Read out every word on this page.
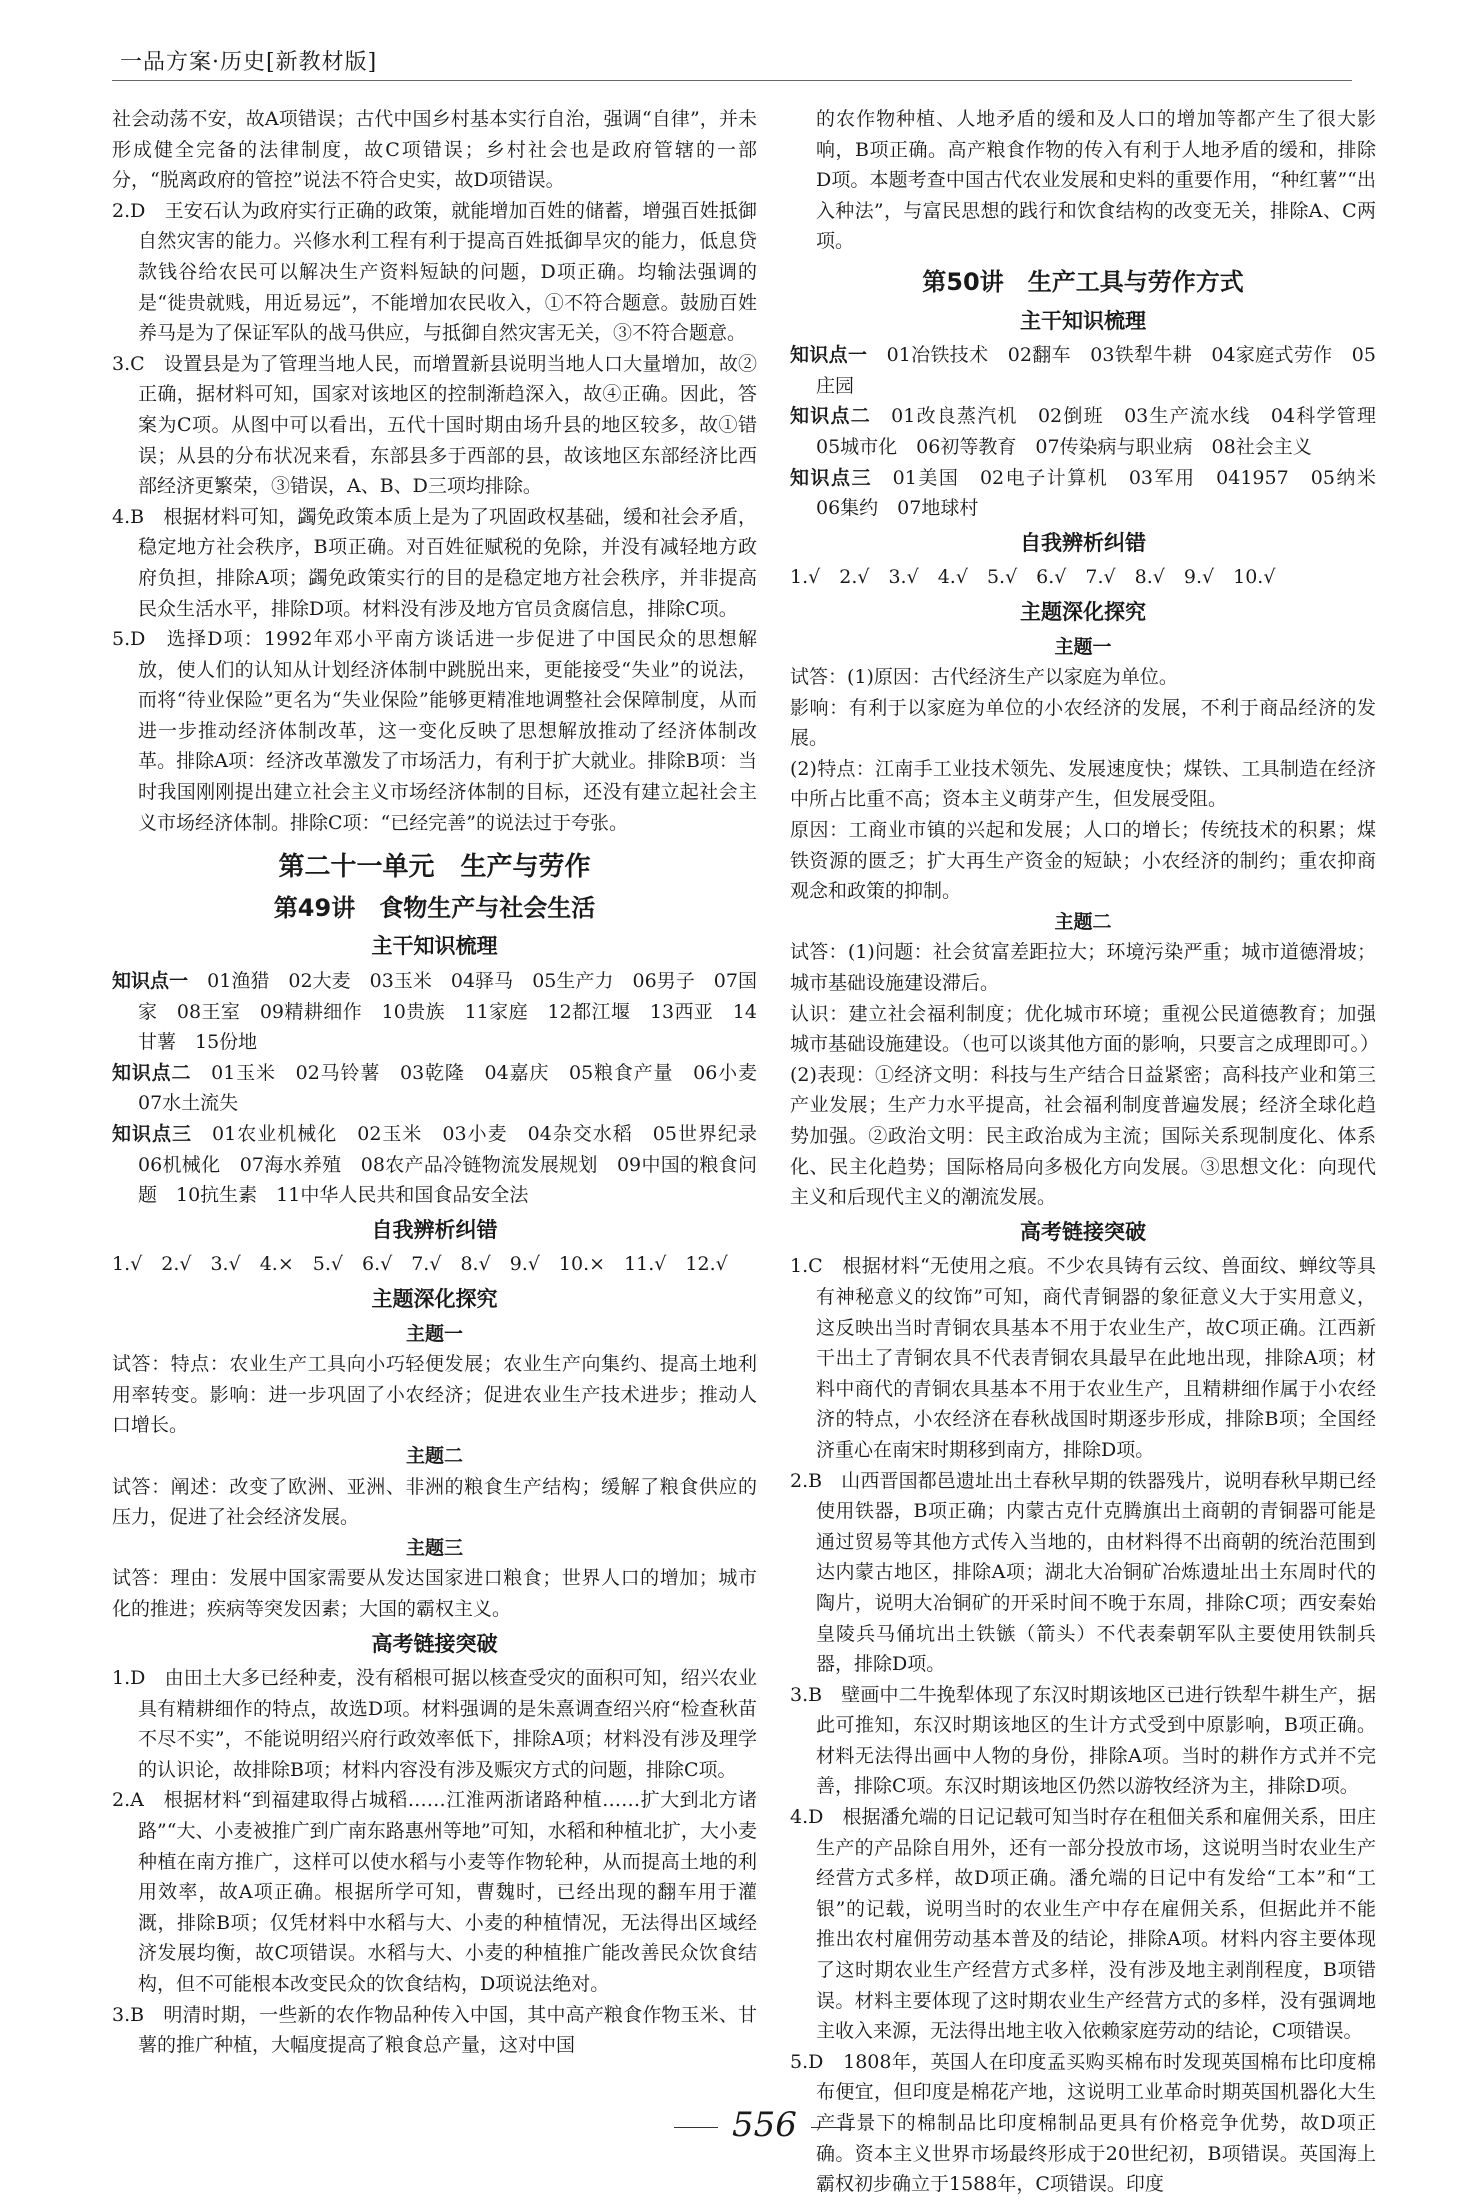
一品方案·历史[新教材版]

社会动荡不安，故A项错误；古代中国乡村基本实行自治，强调“自律”，并未形成健全完备的法律制度，故C项错误；乡村社会也是政府管辖的一部分，“脱离政府的管控”说法不符合史实，故D项错误。

2.D　王安石认为政府实行正确的政策，就能增加百姓的储蓄，增强百姓抵御自然灾害的能力。兴修水利工程有利于提高百姓抵御旱灾的能力，低息贷款钱谷给农民可以解决生产资料短缺的问题，D项正确。均输法强调的是“徙贵就贱，用近易远”，不能增加农民收入，①不符合题意。鼓励百姓养马是为了保证军队的战马供应，与抵御自然灾害无关，③不符合题意。

3.C　设置县是为了管理当地人民，而增置新县说明当地人口大量增加，故②正确，据材料可知，国家对该地区的控制渐趋深入，故④正确。因此，答案为C项。从图中可以看出，五代十国时期由场升县的地区较多，故①错误；从县的分布状况来看，东部县多于西部的县，故该地区东部经济比西部经济更繁荣，③错误，A、B、D三项均排除。

4.B　根据材料可知，蠲免政策本质上是为了巩固政权基础，缓和社会矛盾，稳定地方社会秩序，B项正确。对百姓征赋税的免除，并没有减轻地方政府负担，排除A项；蠲免政策实行的目的是稳定地方社会秩序，并非提高民众生活水平，排除D项。材料没有涉及地方官员贪腐信息，排除C项。

5.D　选择D项：1992年邓小平南方谈话进一步促进了中国民众的思想解放，使人们的认知从计划经济体制中跳脱出来，更能接受“失业”的说法，而将“待业保险”更名为“失业保险”能够更精准地调整社会保障制度，从而进一步推动经济体制改革，这一变化反映了思想解放推动了经济体制改革。排除A项：经济改革激发了市场活力，有利于扩大就业。排除B项：当时我国刚刚提出建立社会主义市场经济体制的目标，还没有建立起社会主义市场经济体制。排除C项：“已经完善”的说法过于夸张。

第二十一单元　生产与劳作
第49讲　食物生产与社会生活
主干知识梳理

知识点一　 01渔猎　02大麦　03玉米　04驿马　05生产力　06男子　07国家　08王室　09精耕细作　10贵族　11家庭　12都江堰　13西亚　14甘薯　15份地

知识点二　 01玉米　02马铃薯　03乾隆　04嘉庆　05粮食产量　06小麦　07水土流失

知识点三　 01农业机械化　02玉米　03小麦　04杂交水稻　05世界纪录　06机械化　07海水养殖　08农产品冷链物流发展规划　09中国的粮食问题　10抗生素　11中华人民共和国食品安全法

自我辨析纠错

1.√　2.√　3.√　4.×　5.√　6.√　7.√　8.√　9.√　10.×　11.√　12.√

主题深化探究
主题一

试答：特点：农业生产工具向小巧轻便发展；农业生产向集约、提高土地利用率转变。影响：进一步巩固了小农经济；促进农业生产技术进步；推动人口增长。

主题二

试答：阐述：改变了欧洲、亚洲、非洲的粮食生产结构；缓解了粮食供应的压力，促进了社会经济发展。

主题三

试答：理由：发展中国家需要从发达国家进口粮食；世界人口的增加；城市化的推进；疾病等突发因素；大国的霸权主义。

高考链接突破

1.D　由田土大多已经种麦，没有稻根可据以核查受灾的面积可知，绍兴农业具有精耕细作的特点，故选D项。材料强调的是朱熹调查绍兴府“检查秋苗不尽不实”，不能说明绍兴府行政效率低下，排除A项；材料没有涉及理学的认识论，故排除B项；材料内容没有涉及赈灾方式的问题，排除C项。

2.A　根据材料“到福建取得占城稻……江淮两浙诸路种植……扩大到北方诸路”“大、小麦被推广到广南东路惠州等地”可知，水稻和种植北扩，大小麦种植在南方推广，这样可以使水稻与小麦等作物轮种，从而提高土地的利用效率，故A项正确。根据所学可知，曹魏时，已经出现的翻车用于灌溉，排除B项；仅凭材料中水稻与大、小麦的种植情况，无法得出区域经济发展均衡，故C项错误。水稻与大、小麦的种植推广能改善民众饮食结构，但不可能根本改变民众的饮食结构，D项说法绝对。

3.B　明清时期，一些新的农作物品种传入中国，其中高产粮食作物玉米、甘薯的推广种植，大幅度提高了粮食总产量，这对中国

的农作物种植、人地矛盾的缓和及人口的增加等都产生了很大影响，B项正确。高产粮食作物的传入有利于人地矛盾的缓和，排除D项。本题考查中国古代农业发展和史料的重要作用，“种红薯”“出入种法”，与富民思想的践行和饮食结构的改变无关，排除A、C两项。

第50讲　生产工具与劳作方式
主干知识梳理

知识点一　 01冶铁技术　02翻车　03铁犁牛耕　04家庭式劳作　05庄园

知识点二　 01改良蒸汽机　02倒班　03生产流水线　04科学管理　05城市化　06初等教育　07传染病与职业病　08社会主义

知识点三　 01美国　02电子计算机　03军用　041957　05纳米　06集约　07地球村

自我辨析纠错

1.√　2.√　3.√　4.√　5.√　6.√　7.√　8.√　9.√　10.√

主题深化探究
主题一

试答：(1)原因：古代经济生产以家庭为单位。

影响：有利于以家庭为单位的小农经济的发展，不利于商品经济的发展。

(2)特点：江南手工业技术领先、发展速度快；煤铁、工具制造在经济中所占比重不高；资本主义萌芽产生，但发展受阻。

原因：工商业市镇的兴起和发展；人口的增长；传统技术的积累；煤铁资源的匮乏；扩大再生产资金的短缺；小农经济的制约；重农抑商观念和政策的抑制。

主题二

试答：(1)问题：社会贫富差距拉大；环境污染严重；城市道德滑坡；城市基础设施建设滞后。

认识：建立社会福利制度；优化城市环境；重视公民道德教育；加强城市基础设施建设。（也可以谈其他方面的影响，只要言之成理即可。）

(2)表现：①经济文明：科技与生产结合日益紧密；高科技产业和第三产业发展；生产力水平提高，社会福利制度普遍发展；经济全球化趋势加强。②政治文明：民主政治成为主流；国际关系现制度化、体系化、民主化趋势；国际格局向多极化方向发展。③思想文化：向现代主义和后现代主义的潮流发展。

高考链接突破

1.C　根据材料“无使用之痕。不少农具铸有云纹、兽面纹、蝉纹等具有神秘意义的纹饰”可知，商代青铜器的象征意义大于实用意义，这反映出当时青铜农具基本不用于农业生产，故C项正确。江西新干出土了青铜农具不代表青铜农具最早在此地出现，排除A项；材料中商代的青铜农具基本不用于农业生产，且精耕细作属于小农经济的特点，小农经济在春秋战国时期逐步形成，排除B项；全国经济重心在南宋时期移到南方，排除D项。

2.B　山西晋国都邑遗址出土春秋早期的铁器残片，说明春秋早期已经使用铁器，B项正确；内蒙古克什克腾旗出土商朝的青铜器可能是通过贸易等其他方式传入当地的，由材料得不出商朝的统治范围到达内蒙古地区，排除A项；湖北大冶铜矿冶炼遗址出土东周时代的陶片，说明大冶铜矿的开采时间不晚于东周，排除C项；西安秦始皇陵兵马俑坑出土铁镞（箭头）不代表秦朝军队主要使用铁制兵器，排除D项。

3.B　壁画中二牛挽犁体现了东汉时期该地区已进行铁犁牛耕生产，据此可推知，东汉时期该地区的生计方式受到中原影响，B项正确。材料无法得出画中人物的身份，排除A项。当时的耕作方式并不完善，排除C项。东汉时期该地区仍然以游牧经济为主，排除D项。

4.D　根据潘允端的日记记载可知当时存在租佃关系和雇佣关系，田庄生产的产品除自用外，还有一部分投放市场，这说明当时农业生产经营方式多样，故D项正确。潘允端的日记中有发给“工本”和“工银”的记载，说明当时的农业生产中存在雇佣关系，但据此并不能推出农村雇佣劳动基本普及的结论，排除A项。材料内容主要体现了这时期农业生产经营方式多样，没有涉及地主剥削程度，B项错误。材料主要体现了这时期农业生产经营方式的多样，没有强调地主收入来源，无法得出地主收入依赖家庭劳动的结论，C项错误。

5.D　1808年，英国人在印度孟买购买棉布时发现英国棉布比印度棉布便宜，但印度是棉花产地，这说明工业革命时期英国机器化大生产背景下的棉制品比印度棉制品更具有价格竞争优势，故D项正确。资本主义世界市场最终形成于20世纪初，B项错误。英国海上霸权初步确立于1588年，C项错误。印度

556
